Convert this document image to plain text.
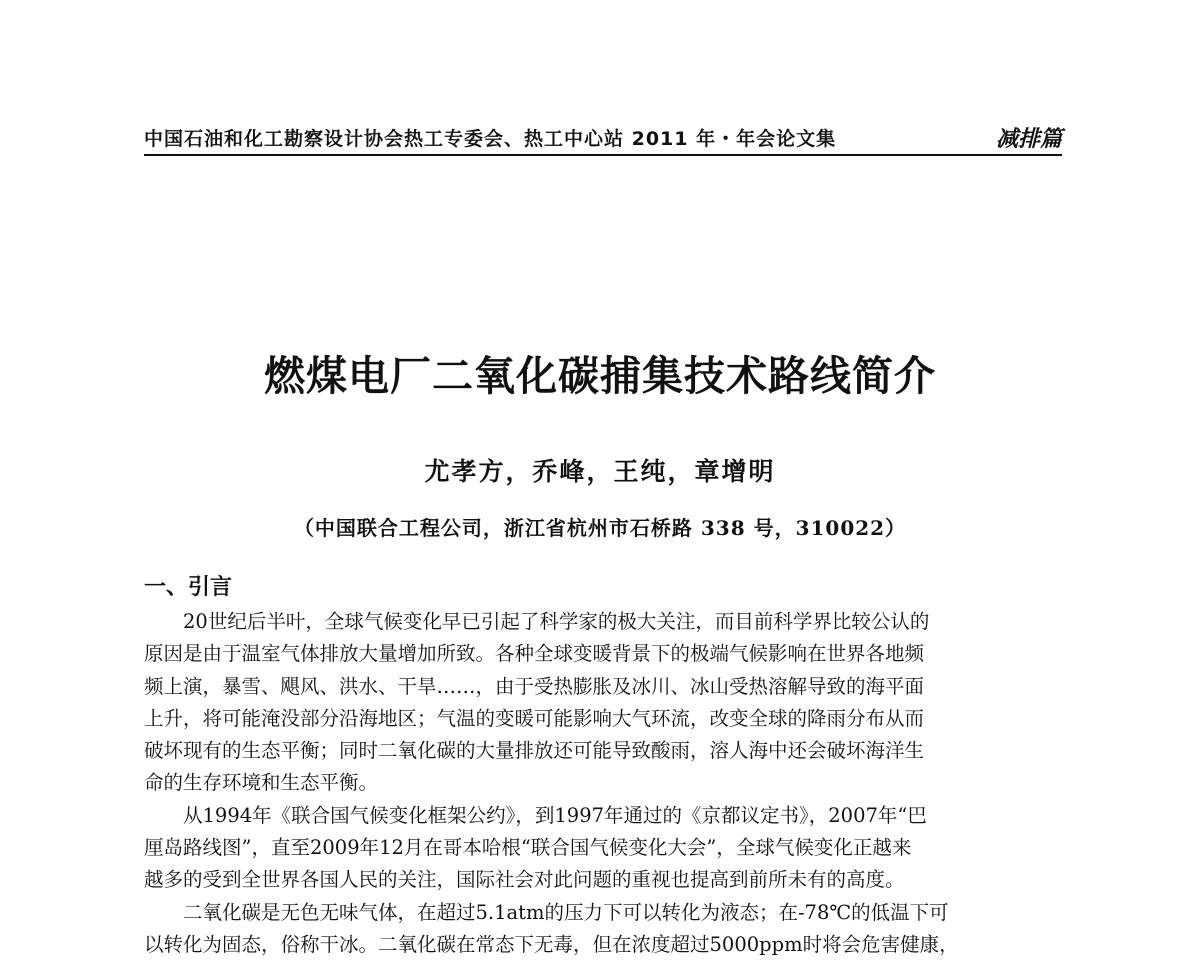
中国石油和化工勘察设计协会热工专委会、热工中心站 2011 年・年会论文集	减排篇
燃煤电厂二氧化碳捕集技术路线简介
尤孝方，乔峰，王纯，章增明
（中国联合工程公司，浙江省杭州市石桥路 338 号，310022）
一、引言
　　20世纪后半叶，全球气候变化早已引起了科学家的极大关注，而目前科学界比较公认的
原因是由于温室气体排放大量增加所致。各种全球变暖背景下的极端气候影响在世界各地频
频上演，暴雪、飓风、洪水、干旱……，由于受热膨胀及冰川、冰山受热溶解导致的海平面
上升，将可能淹没部分沿海地区；气温的变暖可能影响大气环流，改变全球的降雨分布从而
破坏现有的生态平衡；同时二氧化碳的大量排放还可能导致酸雨，溶人海中还会破坏海洋生
命的生存环境和生态平衡。
　　从1994年《联合国气候变化框架公约》，到1997年通过的《京都议定书》，2007年“巴
厘岛路线图”，直至2009年12月在哥本哈根“联合国气候变化大会”，全球气候变化正越来
越多的受到全世界各国人民的关注，国际社会对此问题的重视也提高到前所未有的高度。
　　二氧化碳是无色无味气体，在超过5.1atm的压力下可以转化为液态；在-78℃的低温下可
以转化为固态，俗称干冰。二氧化碳在常态下无毒，但在浓度超过5000ppm时将会危害健康，
